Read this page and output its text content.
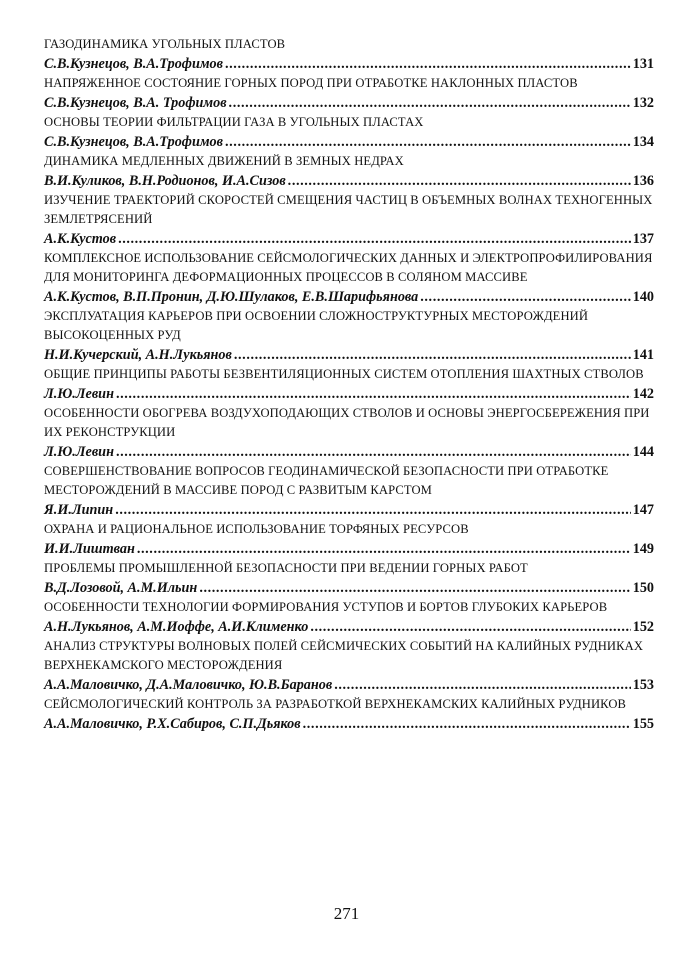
ГАЗОДИНАМИКА УГОЛЬНЫХ ПЛАСТОВ
С.В.Кузнецов, В.А.Трофимов .....	131
НАПРЯЖЕННОЕ СОСТОЯНИЕ ГОРНЫХ ПОРОД ПРИ ОТРАБОТКЕ НАКЛОННЫХ ПЛАСТОВ
С.В.Кузнецов, В.А. Трофимов .....	132
ОСНОВЫ ТЕОРИИ ФИЛЬТРАЦИИ ГАЗА В УГОЛЬНЫХ ПЛАСТАХ
С.В.Кузнецов, В.А.Трофимов .....	134
ДИНАМИКА МЕДЛЕННЫХ ДВИЖЕНИЙ В ЗЕМНЫХ НЕДРАХ
В.И.Куликов, В.Н.Родионов, И.А.Сизов .....	136
ИЗУЧЕНИЕ ТРАЕКТОРИЙ СКОРОСТЕЙ СМЕЩЕНИЯ ЧАСТИЦ В ОБЪЕМНЫХ ВОЛНАХ ТЕХНОГЕННЫХ ЗЕМЛЕТРЯСЕНИЙ
А.К.Кустов .....	137
КОМПЛЕКСНОЕ ИСПОЛЬЗОВАНИЕ СЕЙСМОЛОГИЧЕСКИХ ДАННЫХ И ЭЛЕКТРОПРОФИЛИРОВАНИЯ ДЛЯ МОНИТОРИНГА ДЕФОРМАЦИОННЫХ ПРОЦЕССОВ В СОЛЯНОМ МАССИВЕ
А.К.Кустов, В.П.Пронин, Д.Ю.Шулаков, Е.В.Шарифьянова .....	140
ЭКСПЛУАТАЦИЯ КАРЬЕРОВ ПРИ ОСВОЕНИИ СЛОЖНОСТРУКТУРНЫХ МЕСТОРОЖДЕНИЙ ВЫСОКОЦЕННЫХ РУД
Н.И.Кучерский, А.Н.Лукьянов .....	141
ОБЩИЕ ПРИНЦИПЫ РАБОТЫ БЕЗВЕНТИЛЯЦИОННЫХ СИСТЕМ ОТОПЛЕНИЯ ШАХТНЫХ СТВОЛОВ
Л.Ю.Левин .....	142
ОСОБЕННОСТИ ОБОГРЕВА ВОЗДУХОПОДАЮЩИХ СТВОЛОВ И ОСНОВЫ ЭНЕРГОСБЕРЕЖЕНИЯ ПРИ ИХ РЕКОНСТРУКЦИИ
Л.Ю.Левин .....	144
СОВЕРШЕНСТВОВАНИЕ ВОПРОСОВ ГЕОДИНАМИЧЕСКОЙ БЕЗОПАСНОСТИ ПРИ ОТРАБОТКЕ МЕСТОРОЖДЕНИЙ В МАССИВЕ ПОРОД С РАЗВИТЫМ КАРСТОМ
Я.И.Липин .....	147
ОХРАНА И РАЦИОНАЛЬНОЕ ИСПОЛЬЗОВАНИЕ ТОРФЯНЫХ РЕСУРСОВ
И.И.Лиштван .....	149
ПРОБЛЕМЫ ПРОМЫШЛЕННОЙ БЕЗОПАСНОСТИ ПРИ ВЕДЕНИИ ГОРНЫХ РАБОТ
В.Д.Лозовой, А.М.Ильин .....	150
ОСОБЕННОСТИ ТЕХНОЛОГИИ ФОРМИРОВАНИЯ УСТУПОВ И БОРТОВ ГЛУБОКИХ КАРЬЕРОВ
А.Н.Лукьянов, А.М.Иоффе, А.И.Клименко .....	152
АНАЛИЗ СТРУКТУРЫ ВОЛНОВЫХ ПОЛЕЙ СЕЙСМИЧЕСКИХ СОБЫТИЙ НА КАЛИЙНЫХ РУДНИКАХ ВЕРХНЕКАМСКОГО МЕСТОРОЖДЕНИЯ
А.А.Маловичко, Д.А.Маловичко, Ю.В.Баранов .....	153
СЕЙСМОЛОГИЧЕСКИЙ КОНТРОЛЬ ЗА РАЗРАБОТКОЙ ВЕРХНЕКАМСКИХ КАЛИЙНЫХ РУДНИКОВ
А.А.Маловичко, Р.Х.Сабиров, С.П.Дьяков .....	155
271
